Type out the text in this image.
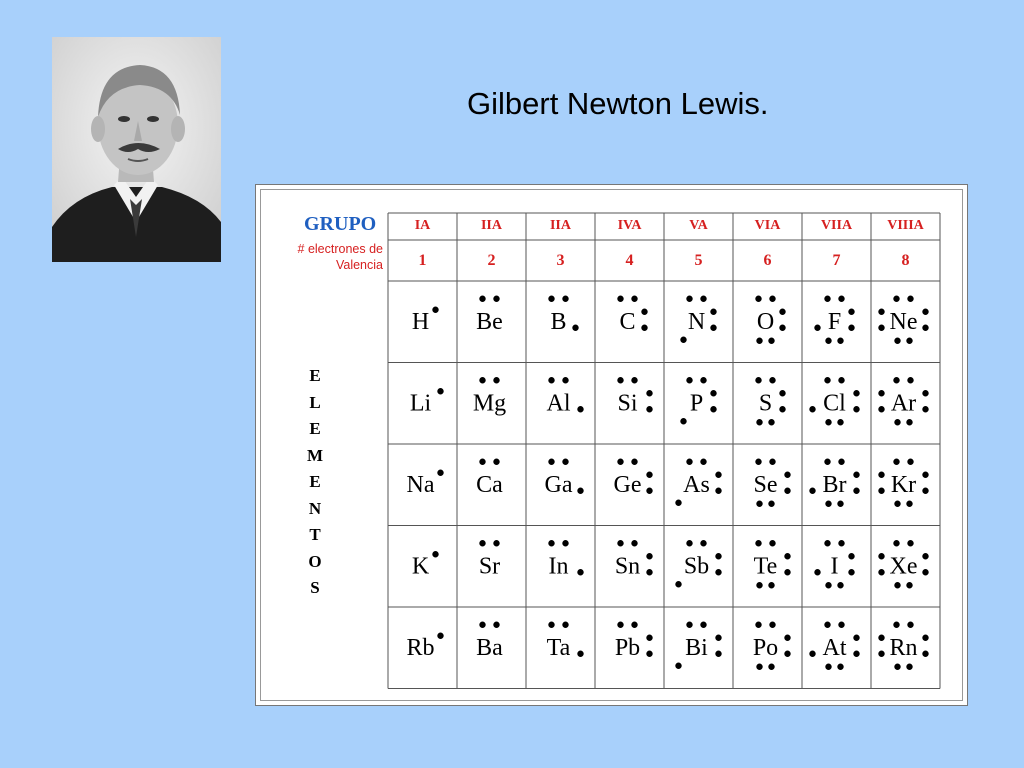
Gilbert Newton Lewis.
GRUPO
# electrones de
Valencia
E
L
E
M
E
N
T
O
S
IA	IIA	IIA	IVA	VA	VIA	VIIA	VIIIA
1	2	3	4	5	6	7	8
H Be B C N O F Ne
Li Mg Al Si P S Cl Ar
Na Ca Ga Ge As Se Br Kr
K Sr In Sn Sb Te I Xe
Rb Ba Ta Pb Bi Po At Rn
